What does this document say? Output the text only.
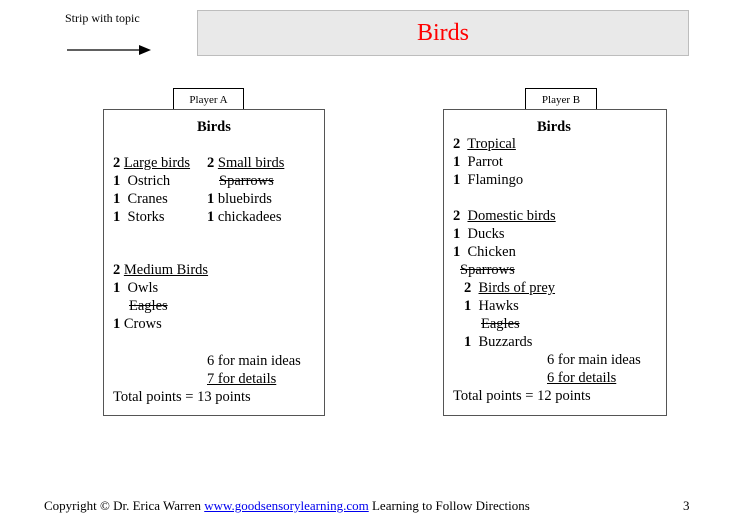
Strip with topic
Birds
Player A
Birds
2 Large birds
1 Ostrich
1 Cranes
1 Storks
2 Small birds
Sparrows
1 bluebirds
1 chickadees
2 Medium Birds
1 Owls
Eagles
1 Crows
6 for main ideas
7 for details
Total points = 13 points
Player B
Birds
2 Tropical
1 Parrot
1 Flamingo
2 Domestic birds
1 Ducks
1 Chicken
Sparrows
2 Birds of prey
1 Hawks
Eagles
1 Buzzards
6 for main ideas
6 for details
Total points = 12 points
Copyright © Dr. Erica Warren www.goodsensorylearning.com Learning to Follow Directions	3
